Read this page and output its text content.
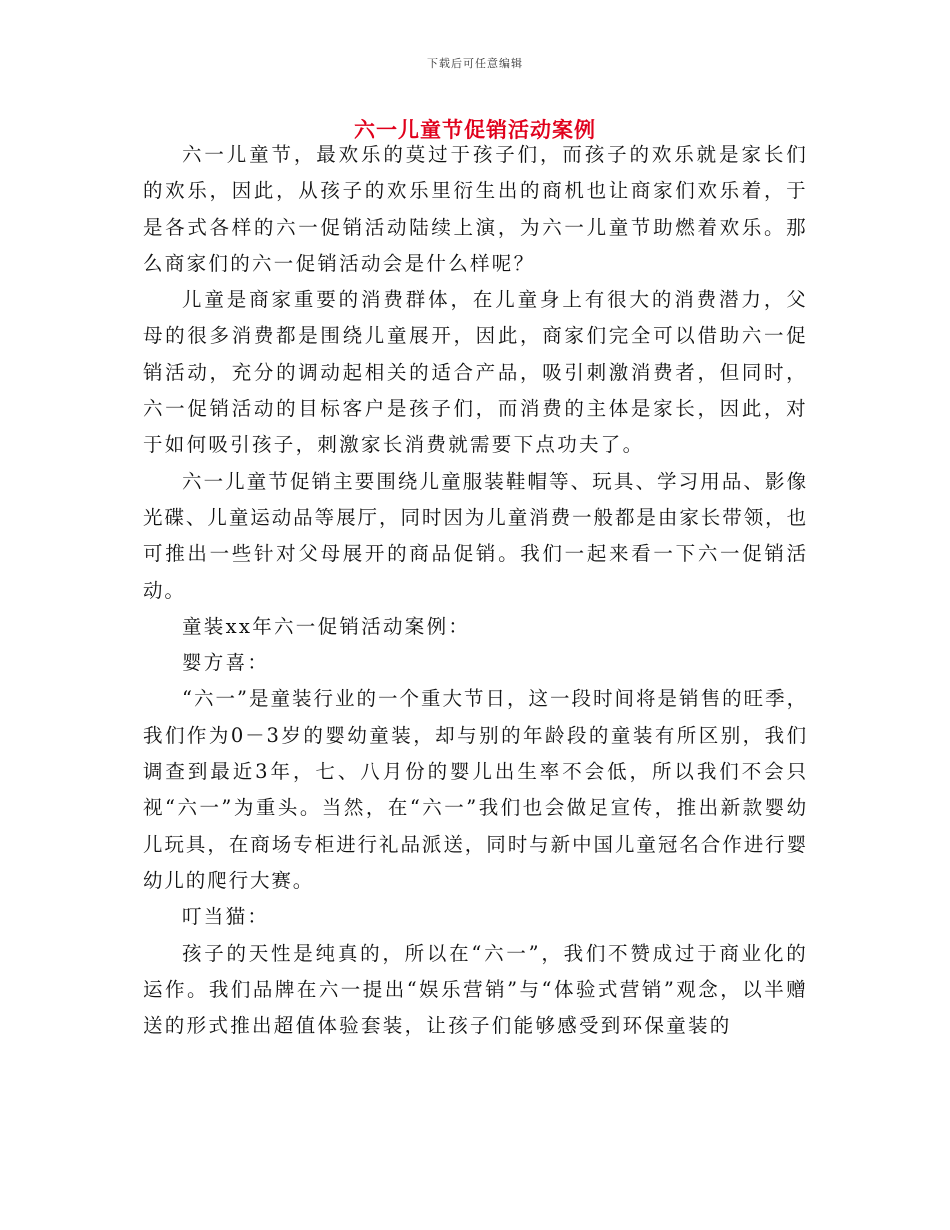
下载后可任意编辑
六一儿童节促销活动案例

六一儿童节，最欢乐的莫过于孩子们，而孩子的欢乐就是家长们的欢乐，因此，从孩子的欢乐里衍生出的商机也让商家们欢乐着，于是各式各样的六一促销活动陆续上演，为六一儿童节助燃着欢乐。那么商家们的六一促销活动会是什么样呢？

儿童是商家重要的消费群体，在儿童身上有很大的消费潜力，父母的很多消费都是围绕儿童展开，因此，商家们完全可以借助六一促销活动，充分的调动起相关的适合产品，吸引刺激消费者，但同时，六一促销活动的目标客户是孩子们，而消费的主体是家长，因此，对于如何吸引孩子，刺激家长消费就需要下点功夫了。

六一儿童节促销主要围绕儿童服装鞋帽等、玩具、学习用品、影像光碟、儿童运动品等展厅，同时因为儿童消费一般都是由家长带领，也可推出一些针对父母展开的商品促销。我们一起来看一下六一促销活动。

童装xx年六一促销活动案例：

婴方喜：

“六一”是童装行业的一个重大节日，这一段时间将是销售的旺季，我们作为0－3岁的婴幼童装，却与别的年龄段的童装有所区别，我们调查到最近3年，七、八月份的婴儿出生率不会低，所以我们不会只视“六一”为重头。当然，在“六一”我们也会做足宣传，推出新款婴幼儿玩具，在商场专柜进行礼品派送，同时与新中国儿童冠名合作进行婴幼儿的爬行大赛。

叮当猫：

孩子的天性是纯真的，所以在“六一”，我们不赞成过于商业化的运作。我们品牌在六一提出“娱乐营销”与“体验式营销”观念，以半赠送的形式推出超值体验套装，让孩子们能够感受到环保童装的
